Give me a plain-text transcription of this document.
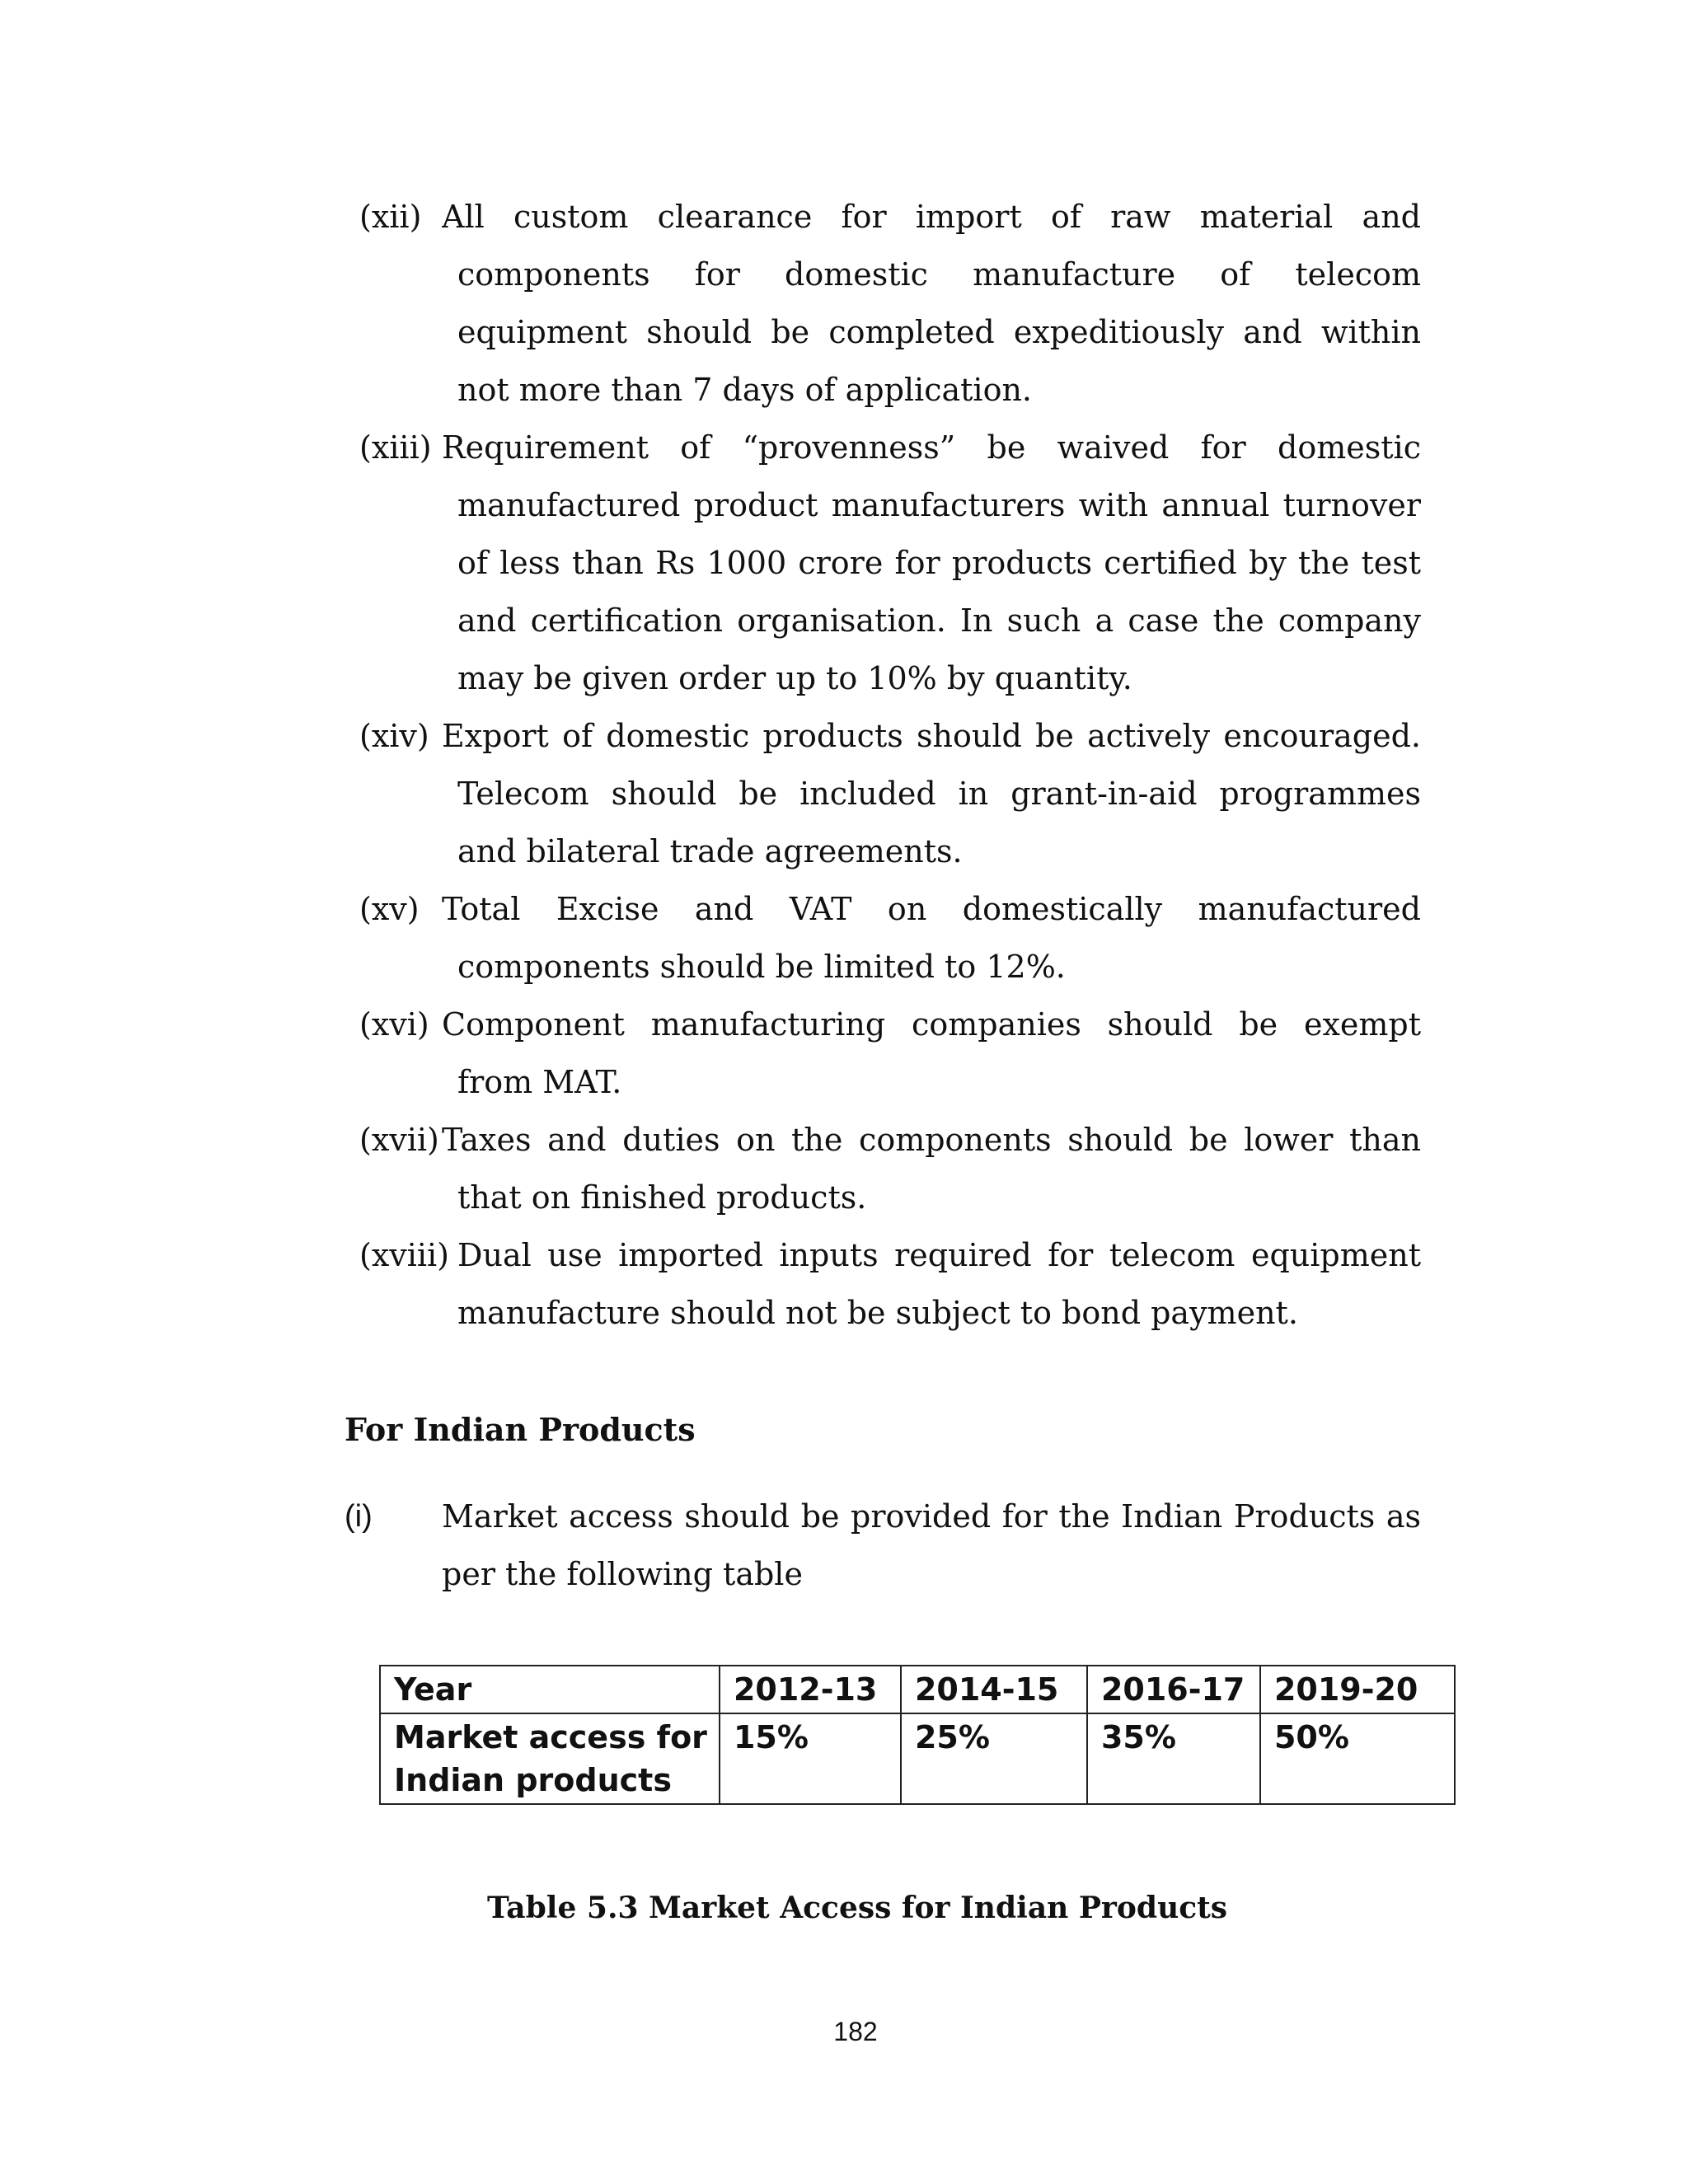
(xii) All custom clearance for import of raw material and
components for domestic manufacture of telecom
equipment should be completed expeditiously and within
not more than 7 days of application.
(xiii) Requirement of “provenness” be waived for domestic
manufactured product manufacturers with annual turnover
of less than Rs 1000 crore for products certified by the test
and certification organisation. In such a case the company
may be given order up to 10% by quantity.
(xiv) Export of domestic products should be actively encouraged.
Telecom should be included in grant-in-aid programmes
and bilateral trade agreements.
(xv) Total Excise and VAT on domestically manufactured
components should be limited to 12%.
(xvi) Component manufacturing companies should be exempt
from MAT.
(xvii) Taxes and duties on the components should be lower than
that on finished products.
(xviii) Dual use imported inputs required for telecom equipment
manufacture should not be subject to bond payment.
For Indian Products
(i) Market access should be provided for the Indian Products as
per the following table
Year	2012-13	2014-15	2016-17	2019-20

Market access for
Indian products	15%	25%	35%	50%
Table 5.3 Market Access for Indian Products
182
